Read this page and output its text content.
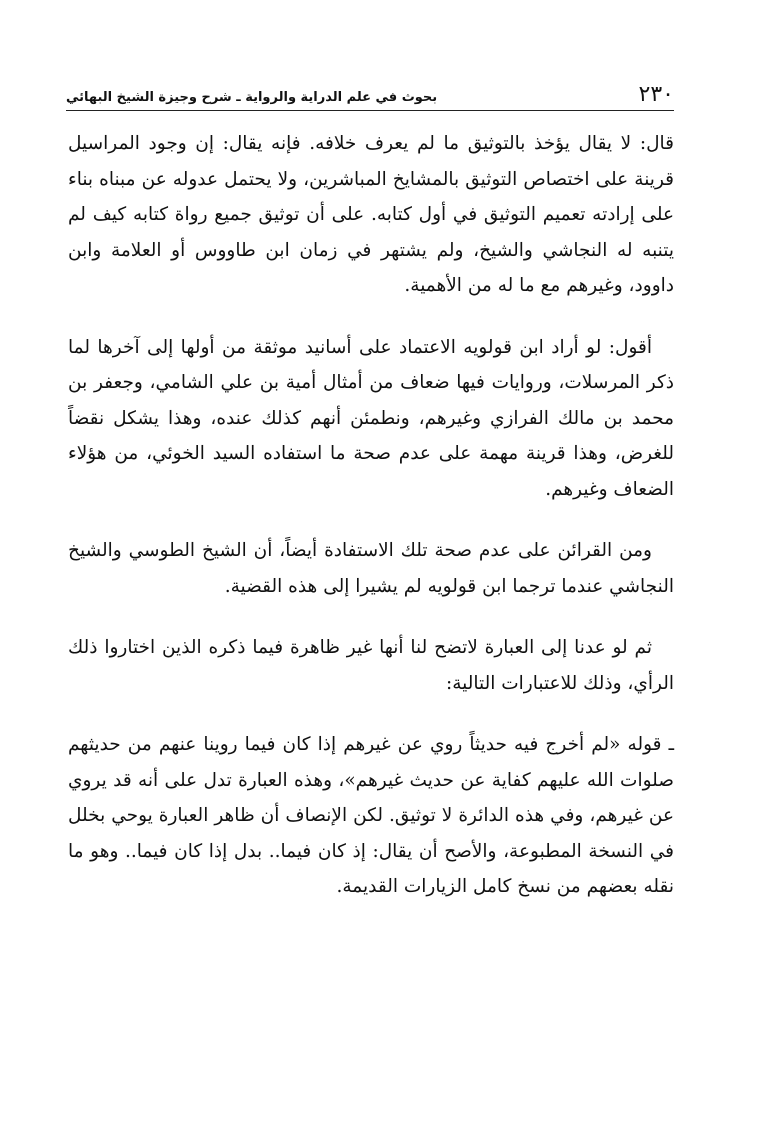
٢٣٠
بحوث في علم الدراية والرواية ـ شرح وجيزة الشيخ البهائي

قال: لا يقال يؤخذ بالتوثيق ما لم يعرف خلافه. فإنه يقال: إن وجود المراسيل قرينة على اختصاص التوثيق بالمشايخ المباشرين، ولا يحتمل عدوله عن مبناه بناء على إرادته تعميم التوثيق في أول كتابه. على أن توثيق جميع رواة كتابه كيف لم يتنبه له النجاشي والشيخ، ولم يشتهر في زمان ابن طاووس أو العلامة وابن داوود، وغيرهم مع ما له من الأهمية.

أقول: لو أراد ابن قولويه الاعتماد على أسانيد موثقة من أولها إلى آخرها لما ذكر المرسلات، وروايات فيها ضعاف من أمثال أمية بن علي الشامي، وجعفر بن محمد بن مالك الفرازي وغيرهم، ونطمئن أنهم كذلك عنده، وهذا يشكل نقضاً للغرض، وهذا قرينة مهمة على عدم صحة ما استفاده السيد الخوئي، من هؤلاء الضعاف وغيرهم.

ومن القرائن على عدم صحة تلك الاستفادة أيضاً، أن الشيخ الطوسي والشيخ النجاشي عندما ترجما ابن قولويه لم يشيرا إلى هذه القضية.

ثم لو عدنا إلى العبارة لاتضح لنا أنها غير ظاهرة فيما ذكره الذين اختاروا ذلك الرأي، وذلك للاعتبارات التالية:

ـ قوله «لم أخرج فيه حديثاً روي عن غيرهم إذا كان فيما روينا عنهم من حديثهم صلوات الله عليهم كفاية عن حديث غيرهم»، وهذه العبارة تدل على أنه قد يروي عن غيرهم، وفي هذه الدائرة لا توثيق. لكن الإنصاف أن ظاهر العبارة يوحي بخلل في النسخة المطبوعة، والأصح أن يقال: إذ كان فيما.. بدل إذا كان فيما.. وهو ما نقله بعضهم من نسخ كامل الزيارات القديمة.
